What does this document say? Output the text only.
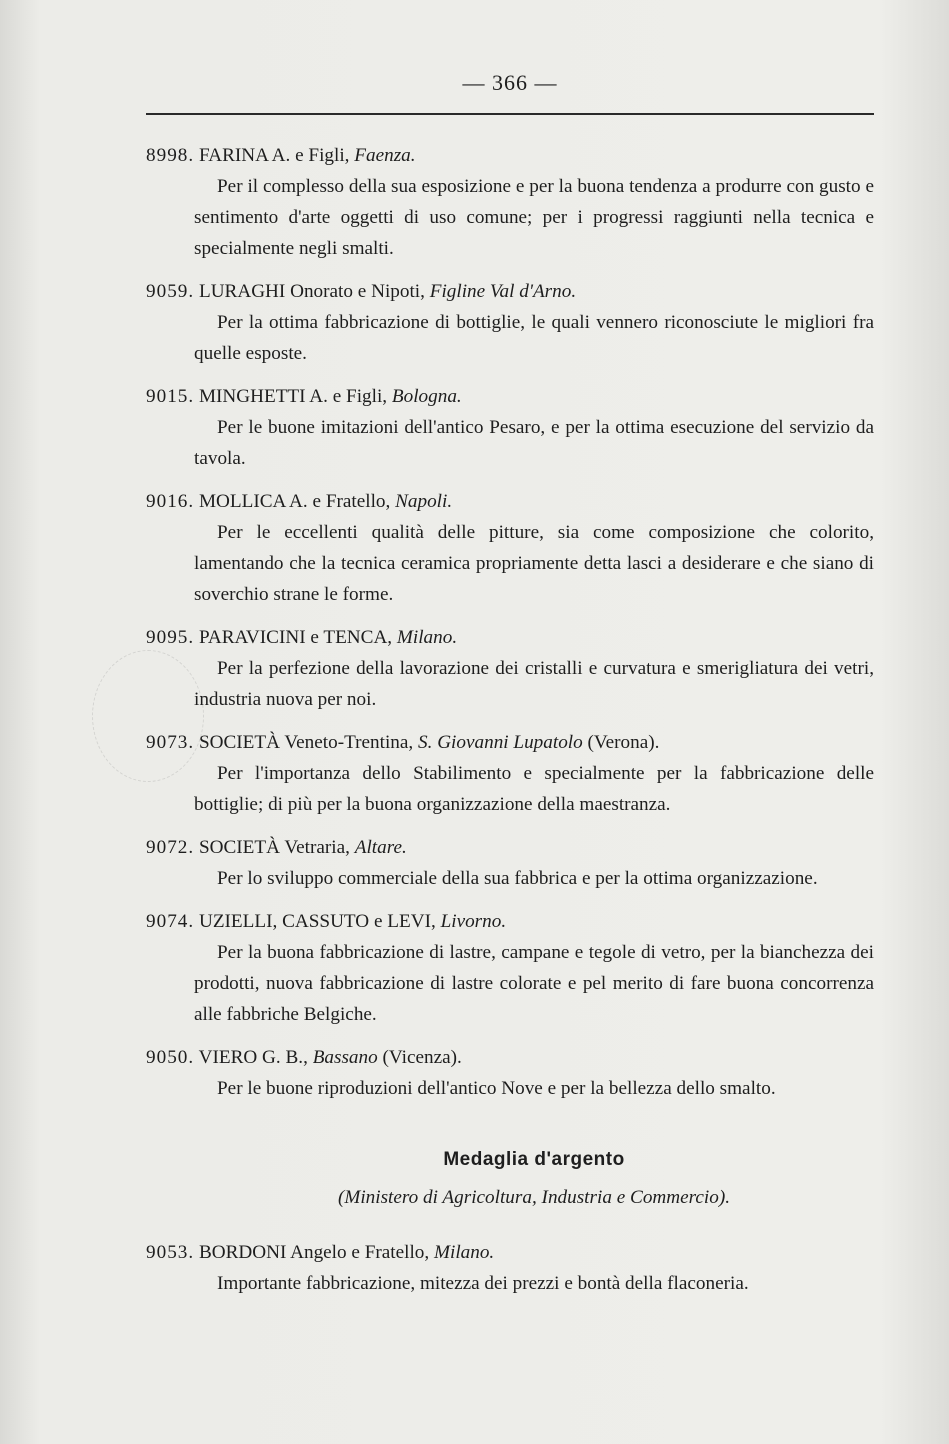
— 366 —
8998. FARINA A. e Figli, Faenza.
Per il complesso della sua esposizione e per la buona tendenza a produrre con gusto e sentimento d'arte oggetti di uso comune; per i progressi raggiunti nella tecnica e specialmente negli smalti.
9059. LURAGHI Onorato e Nipoti, Figline Val d'Arno.
Per la ottima fabbricazione di bottiglie, le quali vennero riconosciute le migliori fra quelle esposte.
9015. MINGHETTI A. e Figli, Bologna.
Per le buone imitazioni dell'antico Pesaro, e per la ottima esecuzione del servizio da tavola.
9016. MOLLICA A. e Fratello, Napoli.
Per le eccellenti qualità delle pitture, sia come composizione che colorito, lamentando che la tecnica ceramica propriamente detta lasci a desiderare e che siano di soverchio strane le forme.
9095. PARAVICINI e TENCA, Milano.
Per la perfezione della lavorazione dei cristalli e curvatura e smerigliatura dei vetri, industria nuova per noi.
9073. SOCIETÀ Veneto-Trentina, S. Giovanni Lupatolo (Verona).
Per l'importanza dello Stabilimento e specialmente per la fabbricazione delle bottiglie; di più per la buona organizzazione della maestranza.
9072. SOCIETÀ Vetraria, Altare.
Per lo sviluppo commerciale della sua fabbrica e per la ottima organizzazione.
9074. UZIELLI, CASSUTO e LEVI, Livorno.
Per la buona fabbricazione di lastre, campane e tegole di vetro, per la bianchezza dei prodotti, nuova fabbricazione di lastre colorate e pel merito di fare buona concorrenza alle fabbriche Belgiche.
9050. VIERO G. B., Bassano (Vicenza).
Per le buone riproduzioni dell'antico Nove e per la bellezza dello smalto.
Medaglia d'argento
(Ministero di Agricoltura, Industria e Commercio).
9053. BORDONI Angelo e Fratello, Milano.
Importante fabbricazione, mitezza dei prezzi e bontà della flaconeria.
